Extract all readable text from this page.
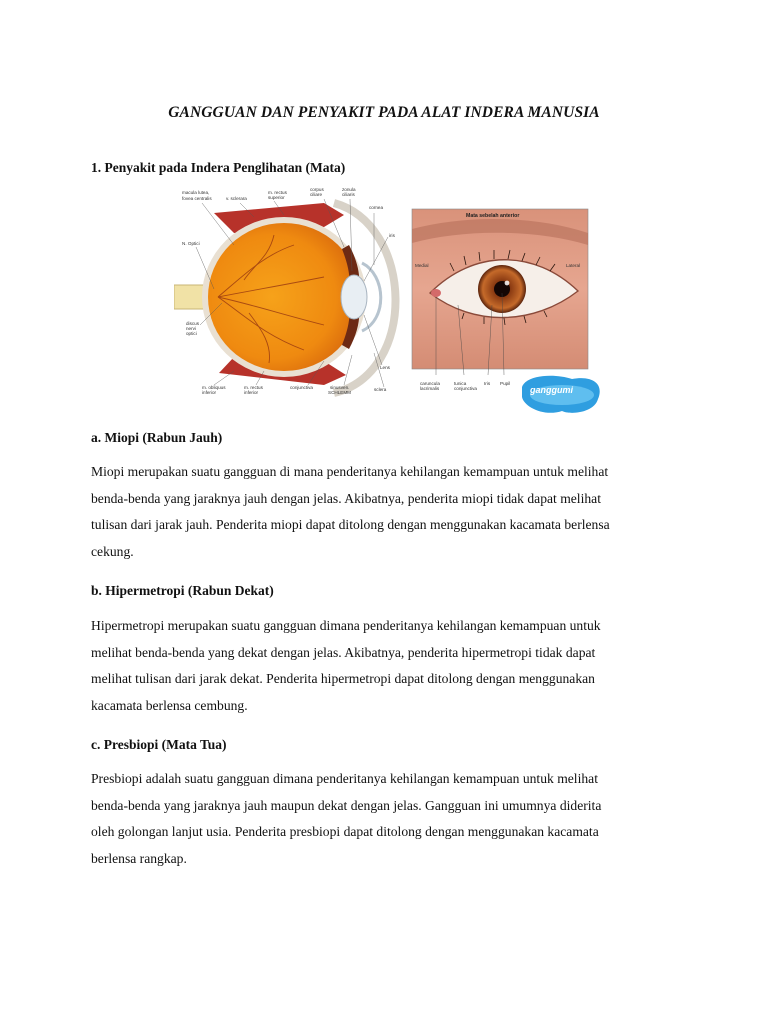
GANGGUAN DAN PENYAKIT PADA ALAT INDERA MANUSIA
1. Penyakit pada Indera Penglihatan (Mata)
macula lutea,
fovea centralis	v. sclerara
m. rectus
superior
corpus
ciliare
zonula
ciliaris
cornea
iris
N. Optici
discus
nervi
optici
Lens
m. obliquus
inferior
m. rectus
inferior
conjunctiva	sinusven.
SCHLEMM
sclera
Mata sebelah anterior
Medial	Lateral
caruncula
lacrimalis
tunica
conjunctiva
Iris Pupil
ganggumi
a. Miopi (Rabun Jauh)
Miopi merupakan suatu gangguan di mana penderitanya kehilangan kemampuan untuk melihat
benda-benda yang jaraknya jauh dengan jelas. Akibatnya, penderita miopi tidak dapat melihat
tulisan dari jarak jauh. Penderita miopi dapat ditolong dengan menggunakan kacamata berlensa
cekung.
b. Hipermetropi (Rabun Dekat)
Hipermetropi merupakan suatu gangguan dimana penderitanya kehilangan kemampuan untuk
melihat benda-benda yang dekat dengan jelas. Akibatnya, penderita hipermetropi tidak dapat
melihat tulisan dari jarak dekat. Penderita hipermetropi dapat ditolong dengan menggunakan
kacamata berlensa cembung.
c. Presbiopi (Mata Tua)
Presbiopi adalah suatu gangguan dimana penderitanya kehilangan kemampuan untuk melihat
benda-benda yang jaraknya jauh maupun dekat dengan jelas. Gangguan ini umumnya diderita
oleh golongan lanjut usia. Penderita presbiopi dapat ditolong dengan menggunakan kacamata
berlensa rangkap.
